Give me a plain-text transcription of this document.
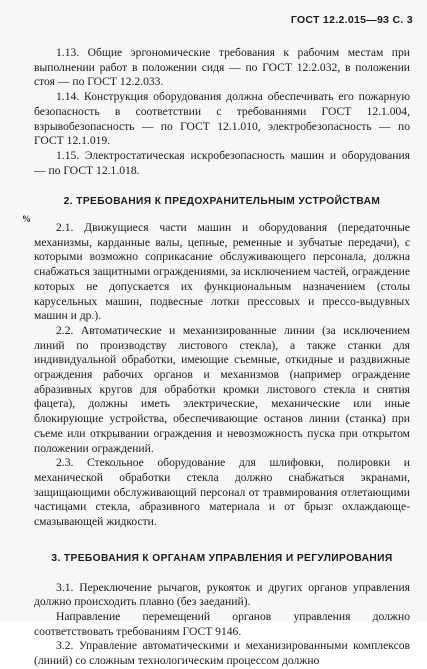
ГОСТ 12.2.015—93 С. 3

1.13. Общие эргономические требования к рабочим местам при выполнении работ в положении сидя — по ГОСТ 12.2.032, в положении стоя — по ГОСТ 12.2.033.

1.14. Конструкция оборудования должна обеспечивать его пожарную безопасность в соответствии с требованиями ГОСТ 12.1.004, взрывобезопасность — по ГОСТ 12.1.010, электробезопасность — по ГОСТ 12.1.019.

1.15. Электростатическая искробезопасность машин и оборудования — по ГОСТ 12.1.018.

%
2. ТРЕБОВАНИЯ К ПРЕДОХРАНИТЕЛЬНЫМ УСТРОЙСТВАМ

2.1. Движущиеся части машин и оборудования (передаточные механизмы, карданные валы, цепные, ременные и зубчатые передачи), с которыми возможно соприкасание обслуживающего персонала, должна снабжаться защитными ограждениями, за исключением частей, ограждение которых не допускается их функциональным назначением (столы карусельных машин, подвесные лотки прессовых и прессо-выдувных машин и др.).

2.2. Автоматические и механизированные линии (за исключением линий по производству листового стекла), а также станки для индивидуальной обработки, имеющие съемные, откидные и раздвижные ограждения рабочих органов и механизмов (например ограждение абразивных кругов для обработки кромки листового стекла и снятия фацета), должны иметь электрические, механические или иные блокирующие устройства, обеспечивающие останов линии (станка) при съеме или открывании ограждения и невозможность пуска при открытом положении ограждений.

2.3. Стекольное оборудование для шлифовки, полировки и механической обработки стекла должно снабжаться экранами, защищающими обслуживающий персонал от травмирования отлетающими частицами стекла, абразивного материала и от брызг охлаждающе-смазывающей жидкости.

3. ТРЕБОВАНИЯ К ОРГАНАМ УПРАВЛЕНИЯ И РЕГУЛИРОВАНИЯ

3.1. Переключение рычагов, рукояток и других органов управления должно происходить плавно (без заеданий).

Направление перемещений органов управления должно соответствовать требованиям ГОСТ 9146.

3.2. Управление автоматическими и механизированными комплексов (линий) со сложным технологическим процессом должно
